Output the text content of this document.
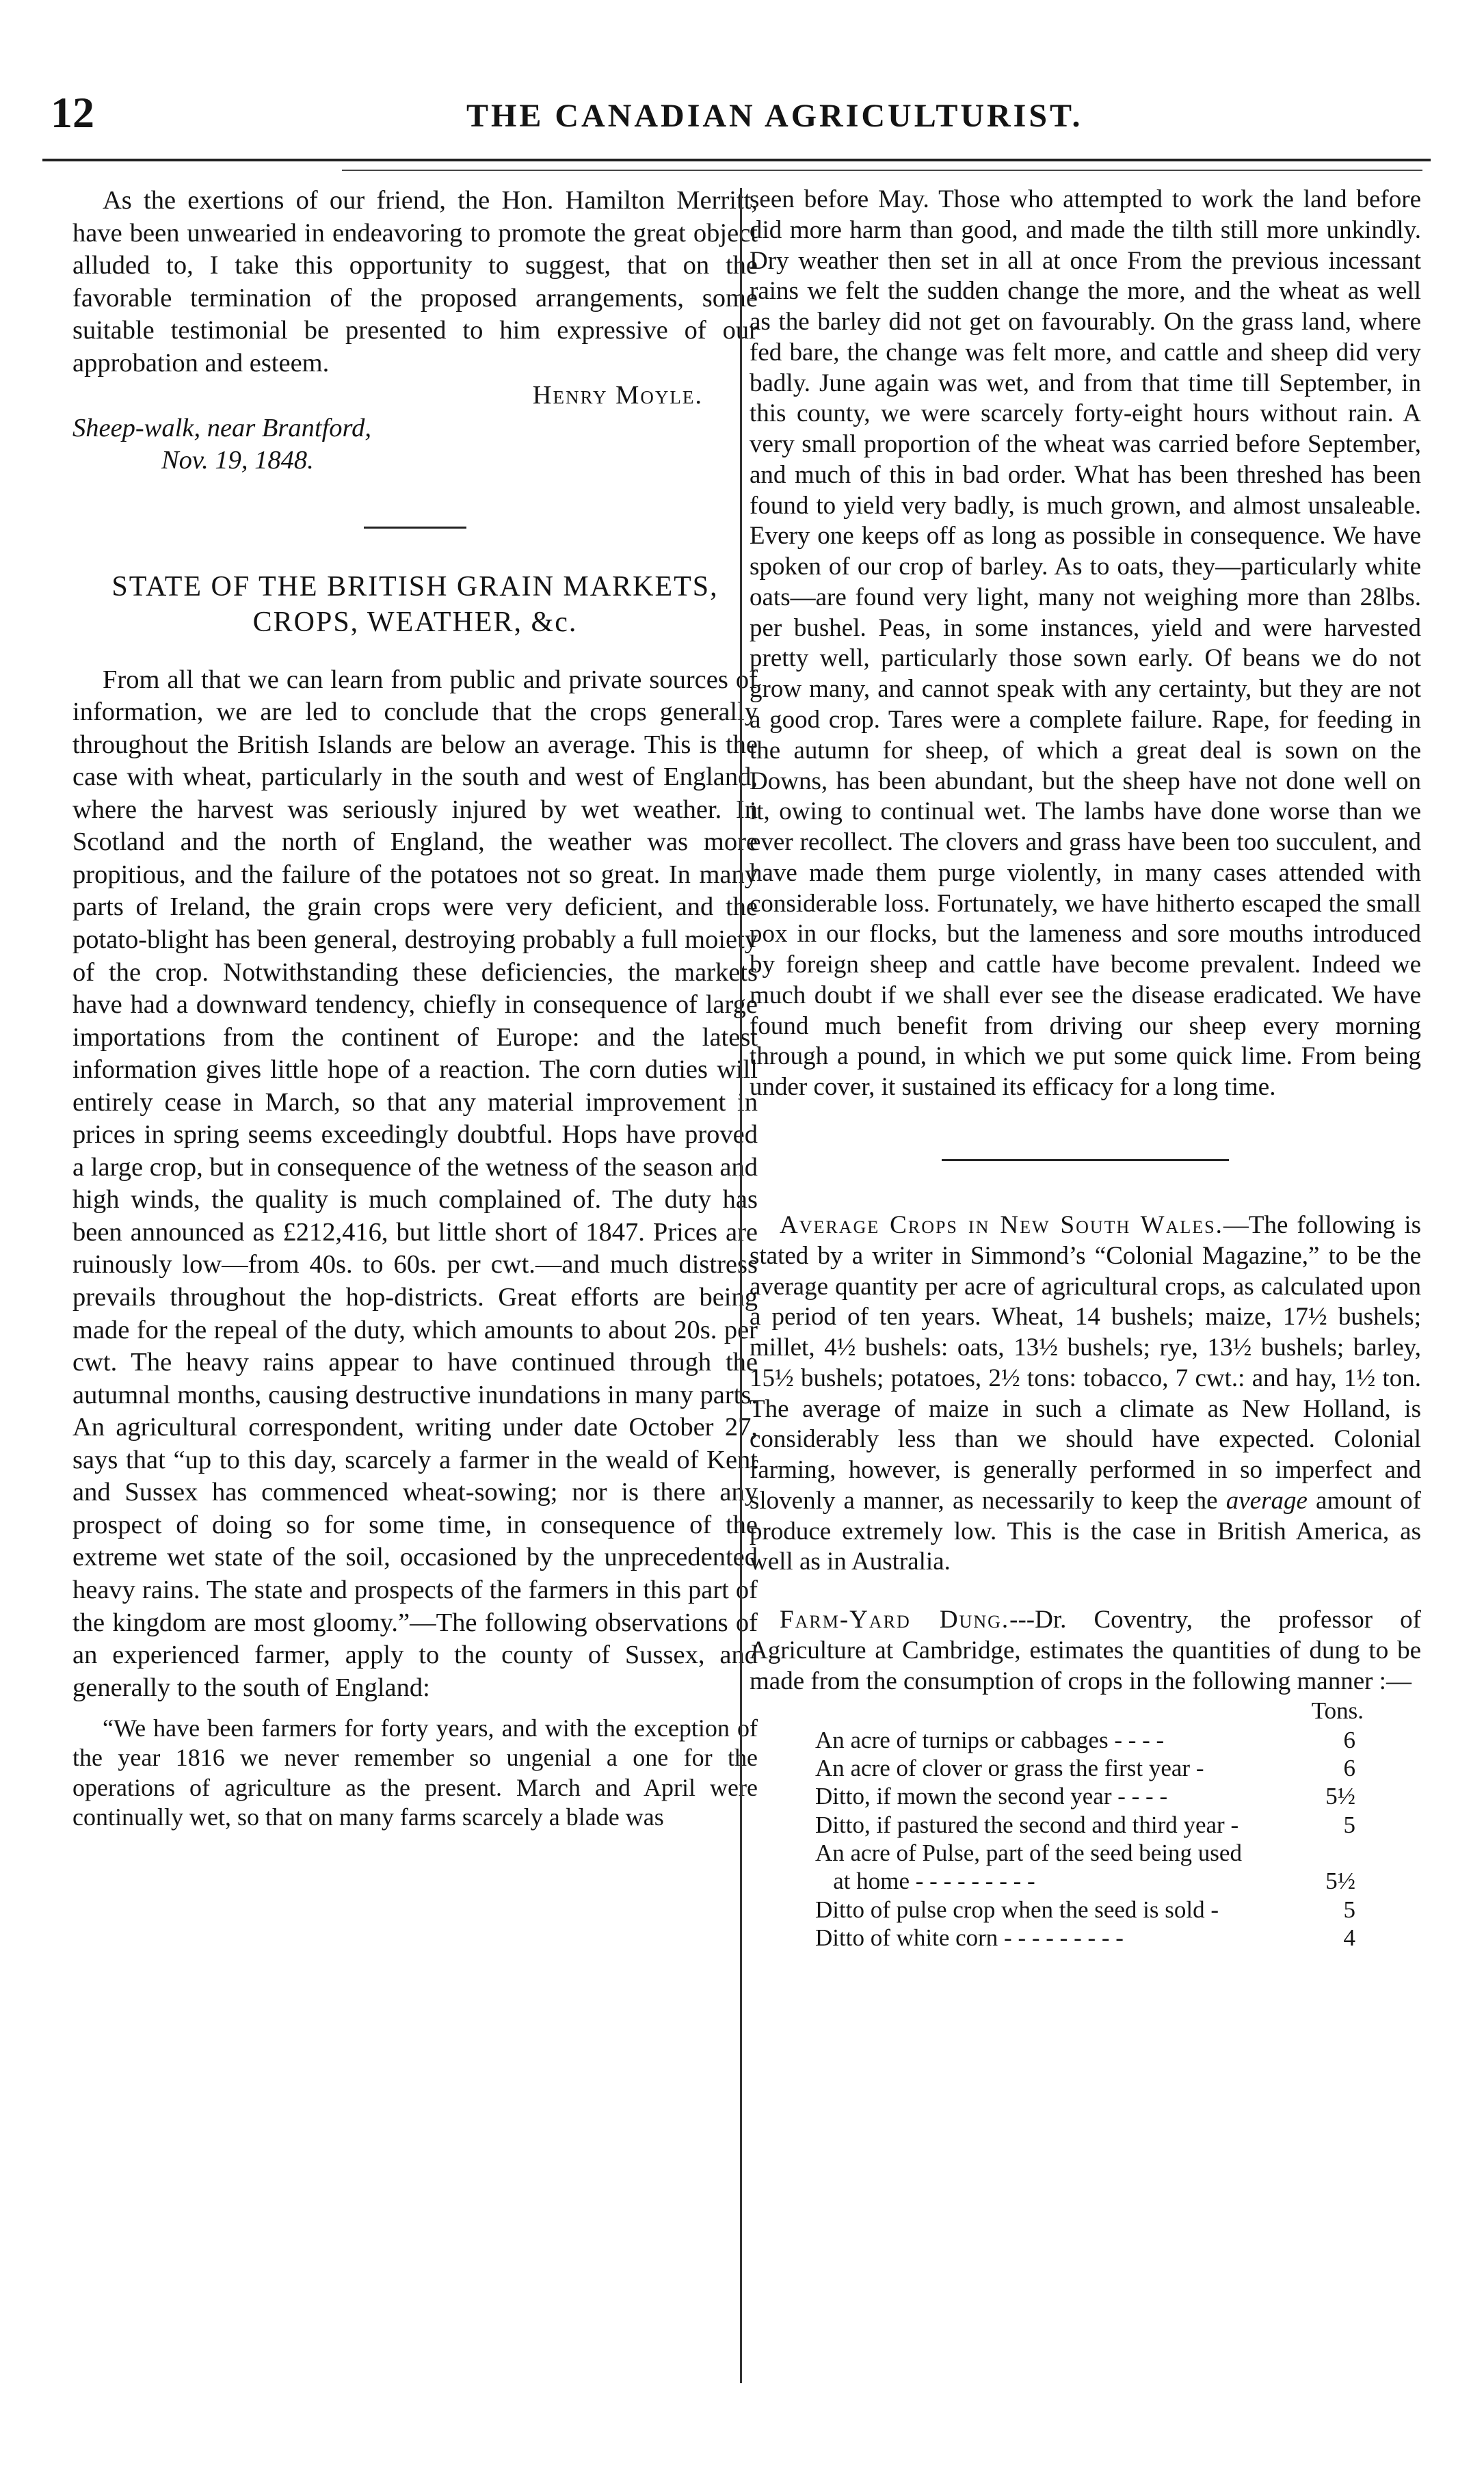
12	THE CANADIAN AGRICULTURIST.

As the exertions of our friend, the Hon. Hamilton Merritt, have been unwearied in endeavoring to promote the great object alluded to, I take this opportunity to suggest, that on the favorable termination of the proposed arrangements, some suitable testimonial be presented to him expressive of our approbation and esteem.

Henry Moyle.

Sheep-walk, near Brantford,

Nov. 19, 1848.

STATE OF THE BRITISH GRAIN MARKETS,
CROPS, WEATHER, &c.

From all that we can learn from public and private sources of information, we are led to conclude that the crops generally throughout the British Islands are below an average. This is the case with wheat, particularly in the south and west of England, where the harvest was seriously injured by wet weather. In Scotland and the north of England, the weather was more propitious, and the failure of the potatoes not so great. In many parts of Ireland, the grain crops were very deficient, and the potato-blight has been general, destroying probably a full moiety of the crop. Notwithstanding these deficiencies, the markets have had a downward tendency, chiefly in consequence of large importations from the continent of Europe: and the latest information gives little hope of a reaction. The corn duties will entirely cease in March, so that any material improvement in prices in spring seems exceedingly doubtful. Hops have proved a large crop, but in consequence of the wetness of the season and high winds, the quality is much complained of. The duty has been announced as £212,416, but little short of 1847. Prices are ruinously low—from 40s. to 60s. per cwt.—and much distress prevails throughout the hop-districts. Great efforts are being made for the repeal of the duty, which amounts to about 20s. per cwt. The heavy rains appear to have continued through the autumnal months, causing destructive inundations in many parts. An agricultural correspondent, writing under date October 27, says that “up to this day, scarcely a farmer in the weald of Kent and Sussex has commenced wheat-sowing; nor is there any prospect of doing so for some time, in consequence of the extreme wet state of the soil, occasioned by the unprecedented heavy rains. The state and prospects of the farmers in this part of the kingdom are most gloomy.”—The following observations of an experienced farmer, apply to the county of Sussex, and generally to the south of England:

“We have been farmers for forty years, and with the exception of the year 1816 we never remember so ungenial a one for the operations of agriculture as the present. March and April were continually wet, so that on many farms scarcely a blade was

seen before May. Those who attempted to work the land before did more harm than good, and made the tilth still more unkindly. Dry weather then set in all at once From the previous incessant rains we felt the sudden change the more, and the wheat as well as the barley did not get on favourably. On the grass land, where fed bare, the change was felt more, and cattle and sheep did very badly. June again was wet, and from that time till September, in this county, we were scarcely forty-eight hours without rain. A very small proportion of the wheat was carried before September, and much of this in bad order. What has been threshed has been found to yield very badly, is much grown, and almost unsaleable. Every one keeps off as long as possible in consequence. We have spoken of our crop of barley. As to oats, they—particularly white oats—are found very light, many not weighing more than 28lbs. per bushel. Peas, in some instances, yield and were harvested pretty well, particularly those sown early. Of beans we do not grow many, and cannot speak with any certainty, but they are not a good crop. Tares were a complete failure. Rape, for feeding in the autumn for sheep, of which a great deal is sown on the Downs, has been abundant, but the sheep have not done well on it, owing to continual wet. The lambs have done worse than we ever recollect. The clovers and grass have been too succulent, and have made them purge violently, in many cases attended with considerable loss. Fortunately, we have hitherto escaped the small pox in our flocks, but the lameness and sore mouths introduced by foreign sheep and cattle have become prevalent. Indeed we much doubt if we shall ever see the disease eradicated. We have found much benefit from driving our sheep every morning through a pound, in which we put some quick lime. From being under cover, it sustained its efficacy for a long time.

Average Crops in New South Wales.—The following is stated by a writer in Simmond’s “Colonial Magazine,” to be the average quantity per acre of agricultural crops, as calculated upon a period of ten years. Wheat, 14 bushels; maize, 17½ bushels; millet, 4½ bushels: oats, 13½ bushels; rye, 13½ bushels; barley, 15½ bushels; potatoes, 2½ tons: tobacco, 7 cwt.: and hay, 1½ ton. The average of maize in such a climate as New Holland, is considerably less than we should have expected. Colonial farming, however, is generally performed in so imperfect and slovenly a manner, as necessarily to keep the average amount of produce extremely low. This is the case in British America, as well as in Australia.

Farm-Yard Dung.---Dr. Coventry, the professor of Agriculture at Cambridge, estimates the quantities of dung to be made from the consumption of crops in the following manner :—

Tons.
An acre of turnips or cabbages - - - -	6
An acre of clover or grass the first year -	6
Ditto, if mown the second year - - - -	5½
Ditto, if pastured the second and third year -	5
An acre of Pulse, part of the seed being used	
at home - - - - - - - - -	5½
Ditto of pulse crop when the seed is sold -	5
Ditto of white corn - - - - - - - - -	4
